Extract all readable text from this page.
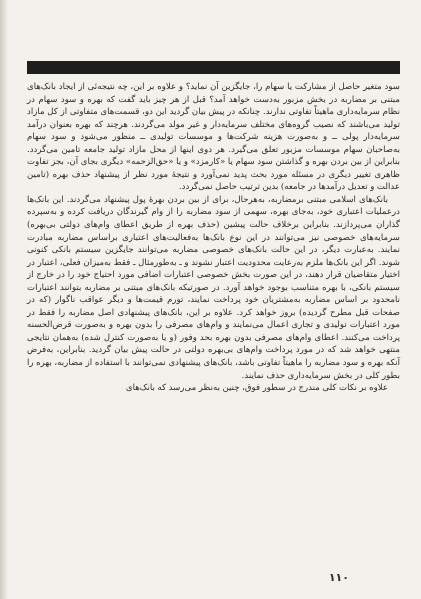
سود متغیر حاصل از مشارکت یا سهام را، جایگزین آن نماید؟ و علاوه بر این، چه نتیجه‌ئی از ایجاد بانک‌های مبتنی بر مضاربه در بخش مزبور به‌دست خواهد آمد؟ قبل از هر چیز باید گفت که بهره و سود سهام در نظام سرمایه‌داری ماهیتاً تفاوتی ندارند. چنانکه در پیش بیان گردید این دو، قسمت‌های متفاوتی از کل مازاد تولید می‌باشند که نصیب گروه‌های مختلف سرمایه‌دار و غیر مولد می‌گردند. هرچند که بهره بعنوان درآمد سرمایه‌دار پولی ــ و به‌صورت هزینه شرکت‌ها و موسسات تولیدی ــ منظور می‌شود و سود سهام به‌صاحبان سهام موسسات مزبور تعلق می‌گیرد. هر دوی اینها از محل مازاد تولید جامعه تامین می‌گردد. بنابراین از بین بردن بهره و گذاشتن سود سهام یا «کارمزد» و یا «حق‌الزحمه» دیگری بجای آن، بجز تفاوت ظاهری تغییر دیگری در مسئله مورد بحث پدید نمی‌آورد و نتیجهٔ مورد نظر از پیشنهاد حذف بهره (تامین عدالت و تعدیل درآمدها در جامعه) بدین ترتیب حاصل نمی‌گردد.

بانک‌های اسلامی مبتنی برمضاربه، به‌هرحال، برای از بین بردن بهرهٔ پول پیشنهاد می‌گردند. این بانک‌ها درعملیات اعتباری خود، به‌جای بهره، سهمی از سود مضاربه را از وام گیرندگان دریافت کرده و به‌سپرده گذاران می‌پردازند. بنابراین برخلاف حالت پیشین (حذف بهره از طریق اعطای وام‌های دولتی بی‌بهره) سرمایه‌های خصوصی نیز می‌توانند در این نوع بانک‌ها به‌فعالیت‌های اعتباری براساس مضاربه مبادرت نمایند. به‌عبارت دیگر، در این حالت بانک‌های خصوصی مضاربه می‌توانند جایگزین سیستم بانکی کنونی شوند. اگر این بانک‌ها ملزم به‌رعایت محدودیت اعتبار نشوند و ـ به‌طورمثال ـ فقط به‌میزان فعلی، اعتبار در اختیار متقاضیان قرار دهند، در این صورت بخش خصوصی اعتبارات اضافی مورد احتیاج خود را در خارج از سیستم بانکی، با بهره متناسب بوجود خواهد آورد. در صورتیکه بانک‌های مبتنی بر مضاربه بتوانند اعتبارات نامحدود بر اساس مضاربه به‌مشتریان خود پرداخت نمایند، تورم قیمت‌ها و دیگر عواقب ناگوار (که در صفحات قبل مطرح گردیده) بروز خواهد کرد. علاوه بر این، بانک‌های پیشنهادی اصل مضاربه را فقط در مورد اعتبارات تولیدی و تجاری اعمال می‌نمایند و وام‌های مصرفی را بدون بهره و به‌صورت قرض‌الحسنه پرداخت می‌کنند. اعطای وام‌های مصرفی بدون بهره بحد وفور (و یا به‌صورت کنترل شده) به‌همان نتایجی منتهی خواهد شد که در مورد پرداخت وام‌های بی‌بهره دولتی در حالت پیش بیان گردید. بنابراین، به‌فرض آنکه بهره و سود مضاربه را ماهیتاً تفاوتی باشد، بانک‌های پیشنهادی نمی‌توانند با استفاده از مضاربه، بهره را بطور کلی در بخش سرمایه‌داری حذف نمایند.

علاوه بر نکات کلی مندرج در سطور فوق، چنین به‌نظر می‌رسد که بانک‌های

۱۱۰
